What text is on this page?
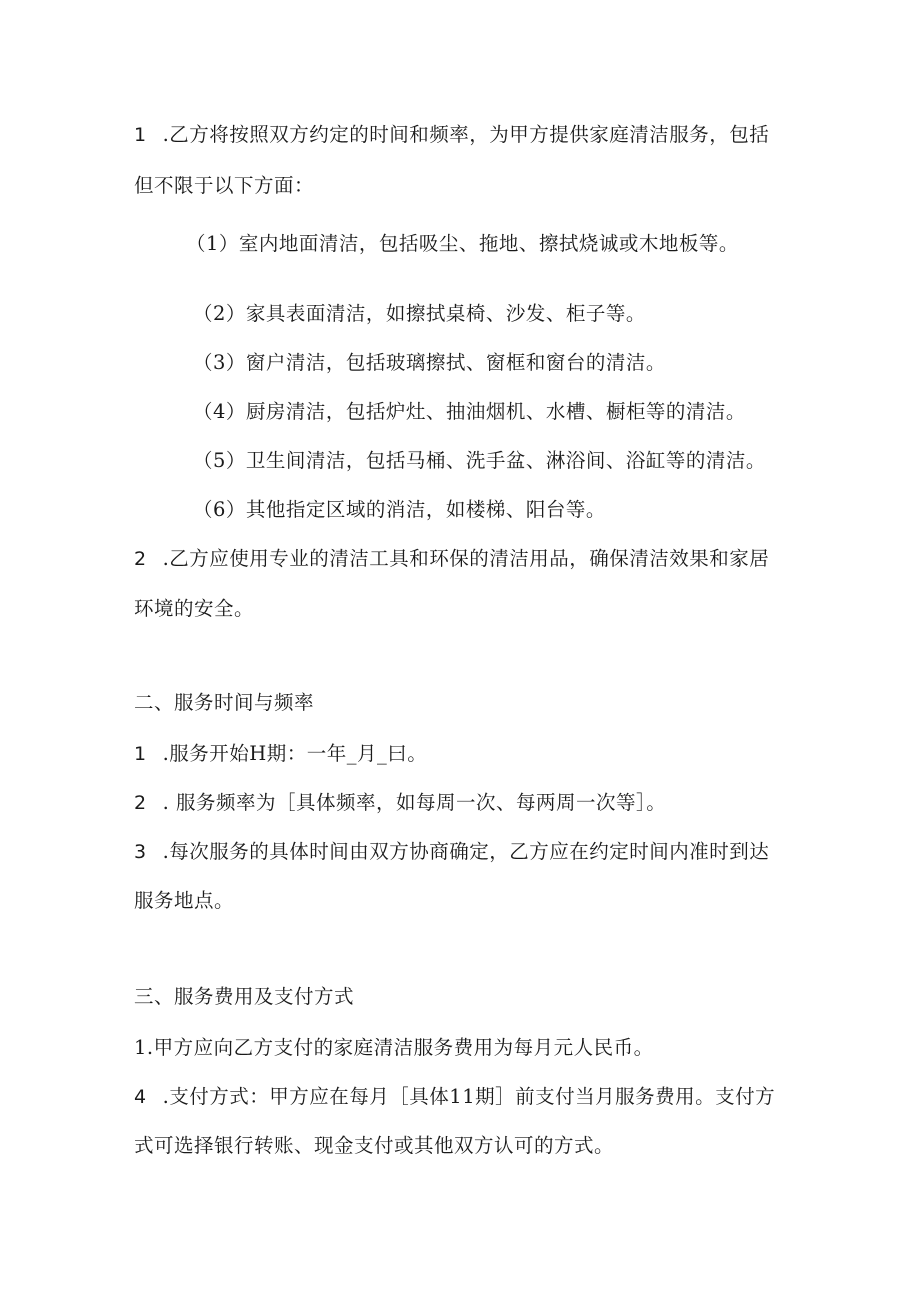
1 .乙方将按照双方约定的时间和频率，为甲方提供家庭清洁服务，包括
但不限于以下方面：
（1）室内地面清洁，包括吸尘、拖地、擦拭烧诚或木地板等。
（2）家具表面清洁，如擦拭桌椅、沙发、柜子等。
（3）窗户清洁，包括玻璃擦拭、窗框和窗台的清洁。
（4）厨房清洁，包括炉灶、抽油烟机、水槽、橱柜等的清洁。
（5）卫生间清洁，包括马桶、洗手盆、淋浴间、浴缸等的清洁。
（6）其他指定区域的消洁，如楼梯、阳台等。
2 .乙方应使用专业的清洁工具和环保的清洁用品，确保清洁效果和家居
环境的安全。
二、服务时间与频率
1 .服务开始H期：一年_月_曰。
2 . 服务频率为［具体频率，如每周一次、每两周一次等］。
3 .每次服务的具体时间由双方协商确定，乙方应在约定时间内准时到达
服务地点。
三、服务费用及支付方式
1.甲方应向乙方支付的家庭清洁服务费用为每月元人民币。
4 .支付方式：甲方应在每月［具体11期］前支付当月服务费用。支付方
式可选择银行转账、现金支付或其他双方认可的方式。
